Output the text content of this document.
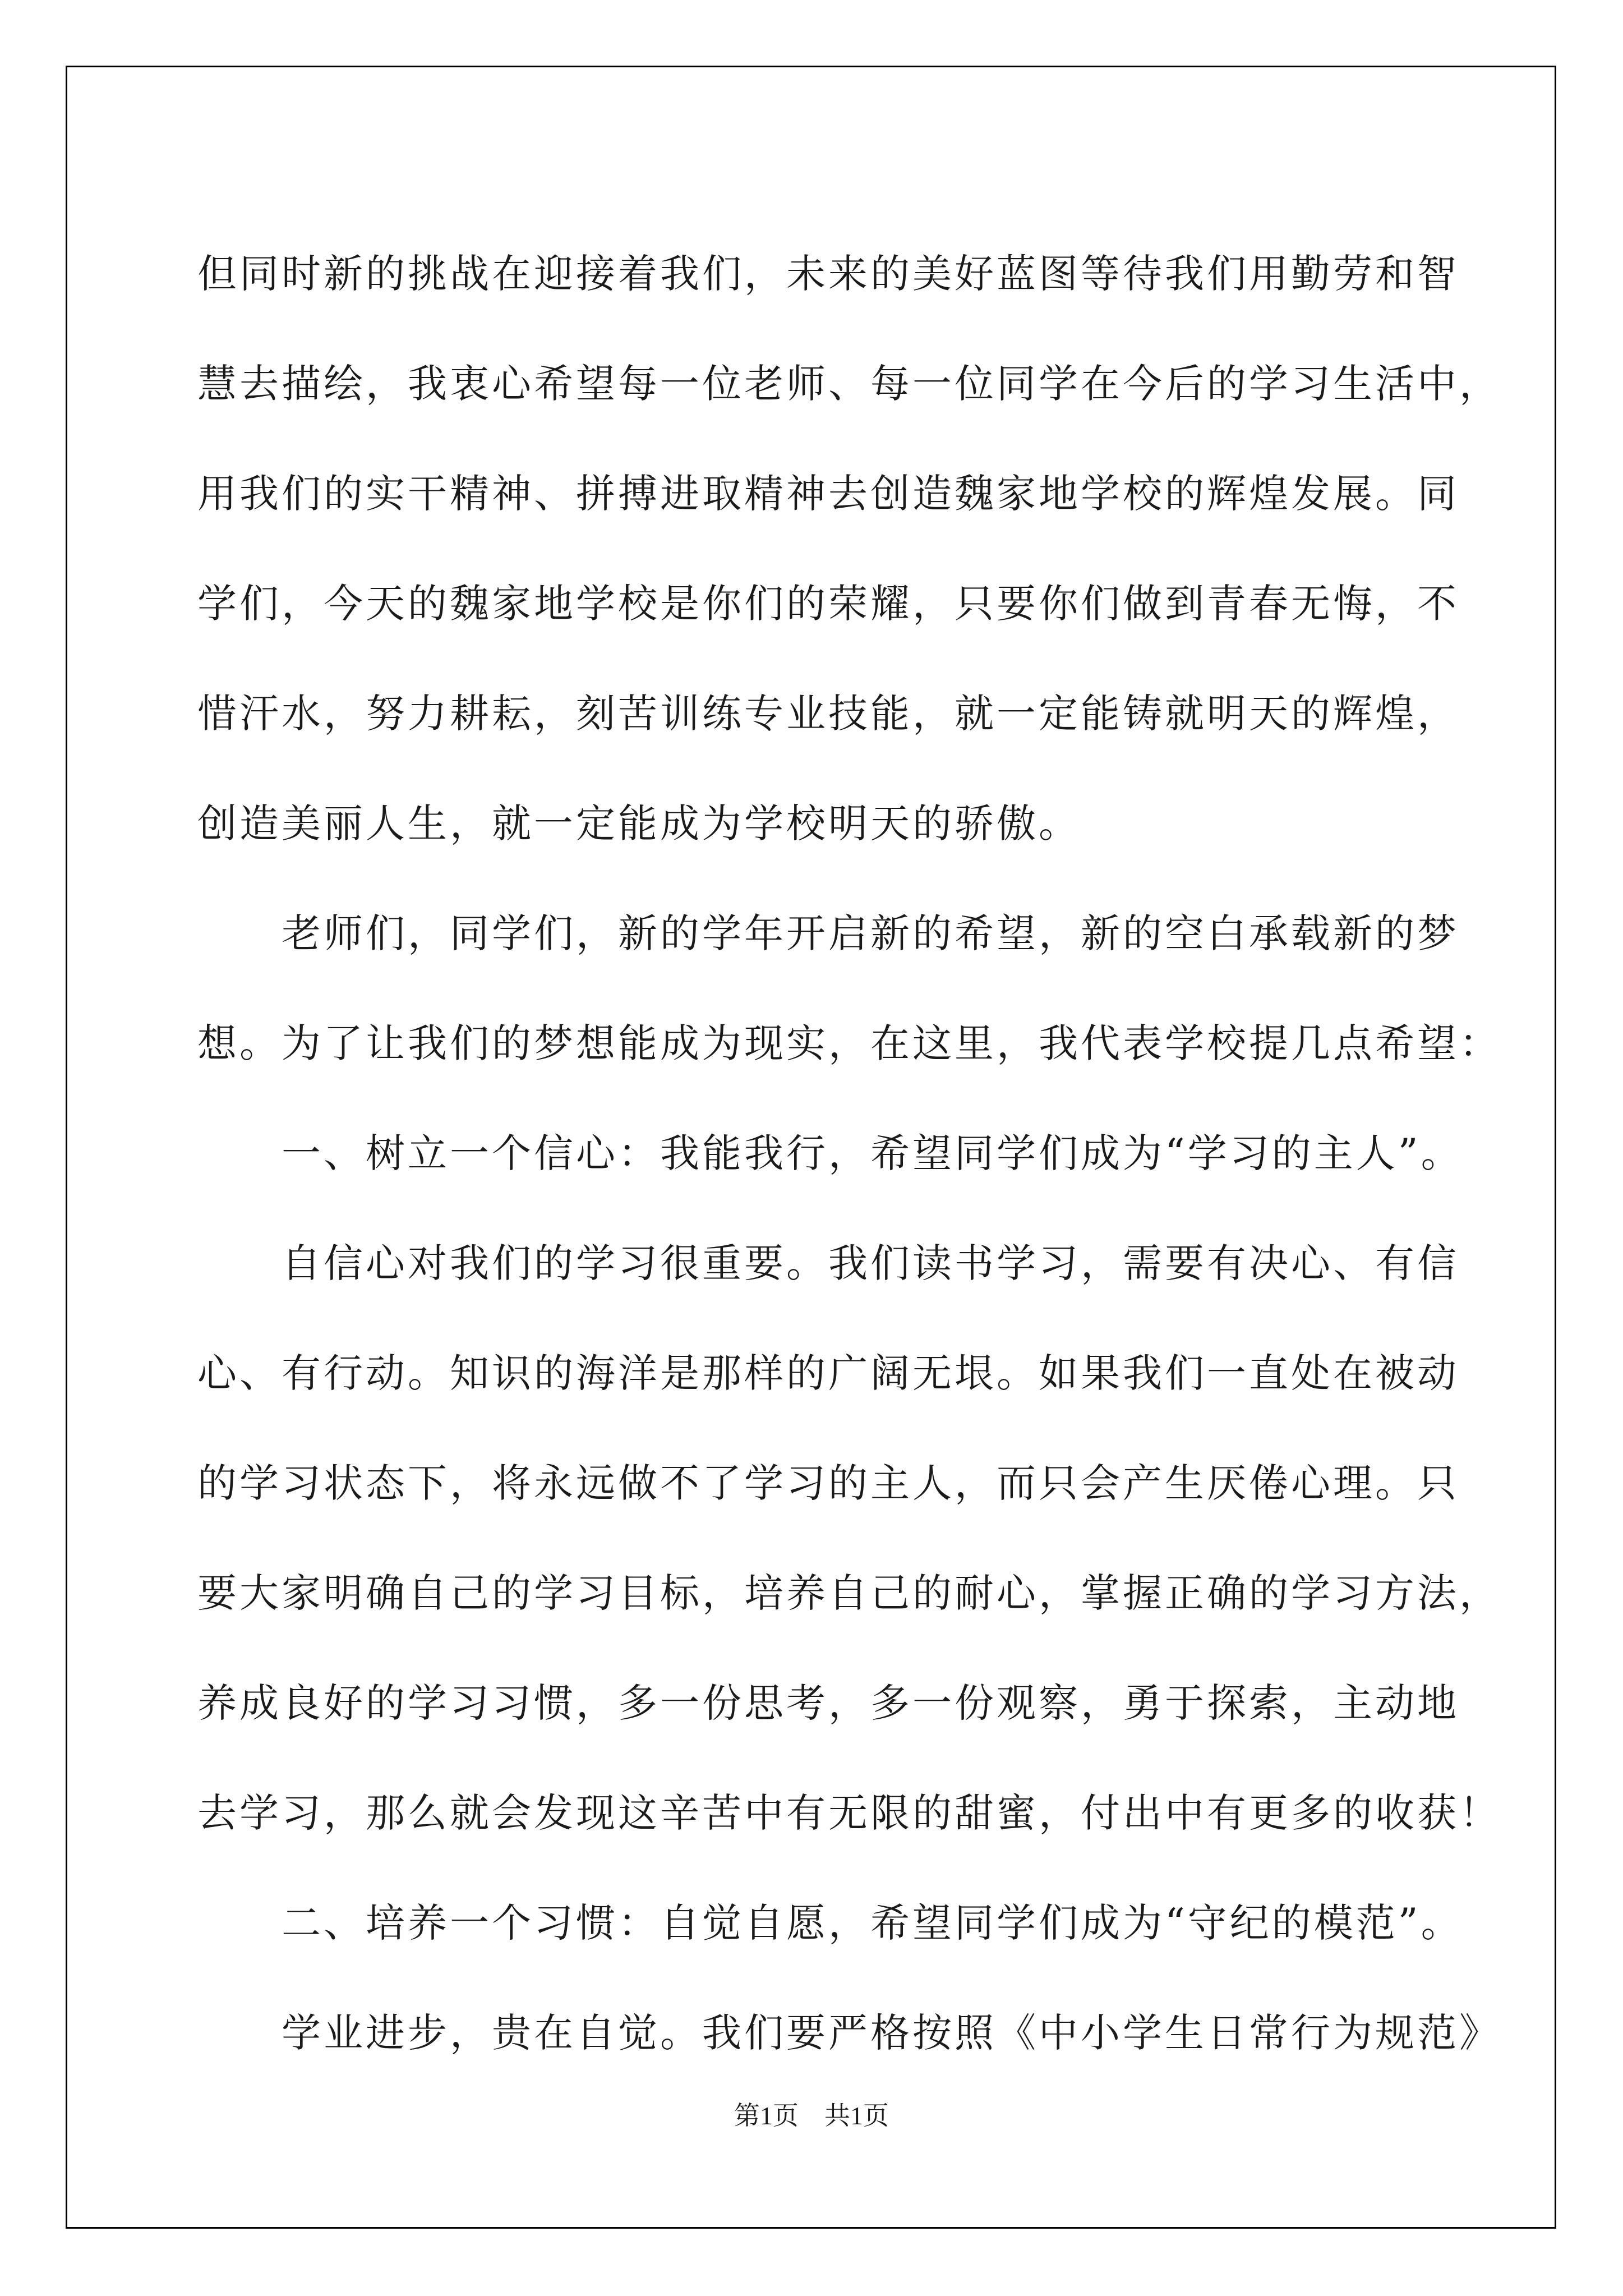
但同时新的挑战在迎接着我们，未来的美好蓝图等待我们用勤劳和智
慧去描绘，我衷心希望每一位老师、每一位同学在今后的学习生活中，
用我们的实干精神、拼搏进取精神去创造魏家地学校的辉煌发展。同
学们，今天的魏家地学校是你们的荣耀，只要你们做到青春无悔，不
惜汗水，努力耕耘，刻苦训练专业技能，就一定能铸就明天的辉煌，
创造美丽人生，就一定能成为学校明天的骄傲。
老师们，同学们，新的学年开启新的希望，新的空白承载新的梦
想。为了让我们的梦想能成为现实，在这里，我代表学校提几点希望：
一、树立一个信心：我能我行，希望同学们成为“学习的主人”。
自信心对我们的学习很重要。我们读书学习，需要有决心、有信
心、有行动。知识的海洋是那样的广阔无垠。如果我们一直处在被动
的学习状态下，将永远做不了学习的主人，而只会产生厌倦心理。只
要大家明确自己的学习目标，培养自己的耐心，掌握正确的学习方法，
养成良好的学习习惯，多一份思考，多一份观察，勇于探索，主动地
去学习，那么就会发现这辛苦中有无限的甜蜜，付出中有更多的收获！
二、培养一个习惯：自觉自愿，希望同学们成为“守纪的模范”。
学业进步，贵在自觉。我们要严格按照《中小学生日常行为规范》
第1页　共1页
